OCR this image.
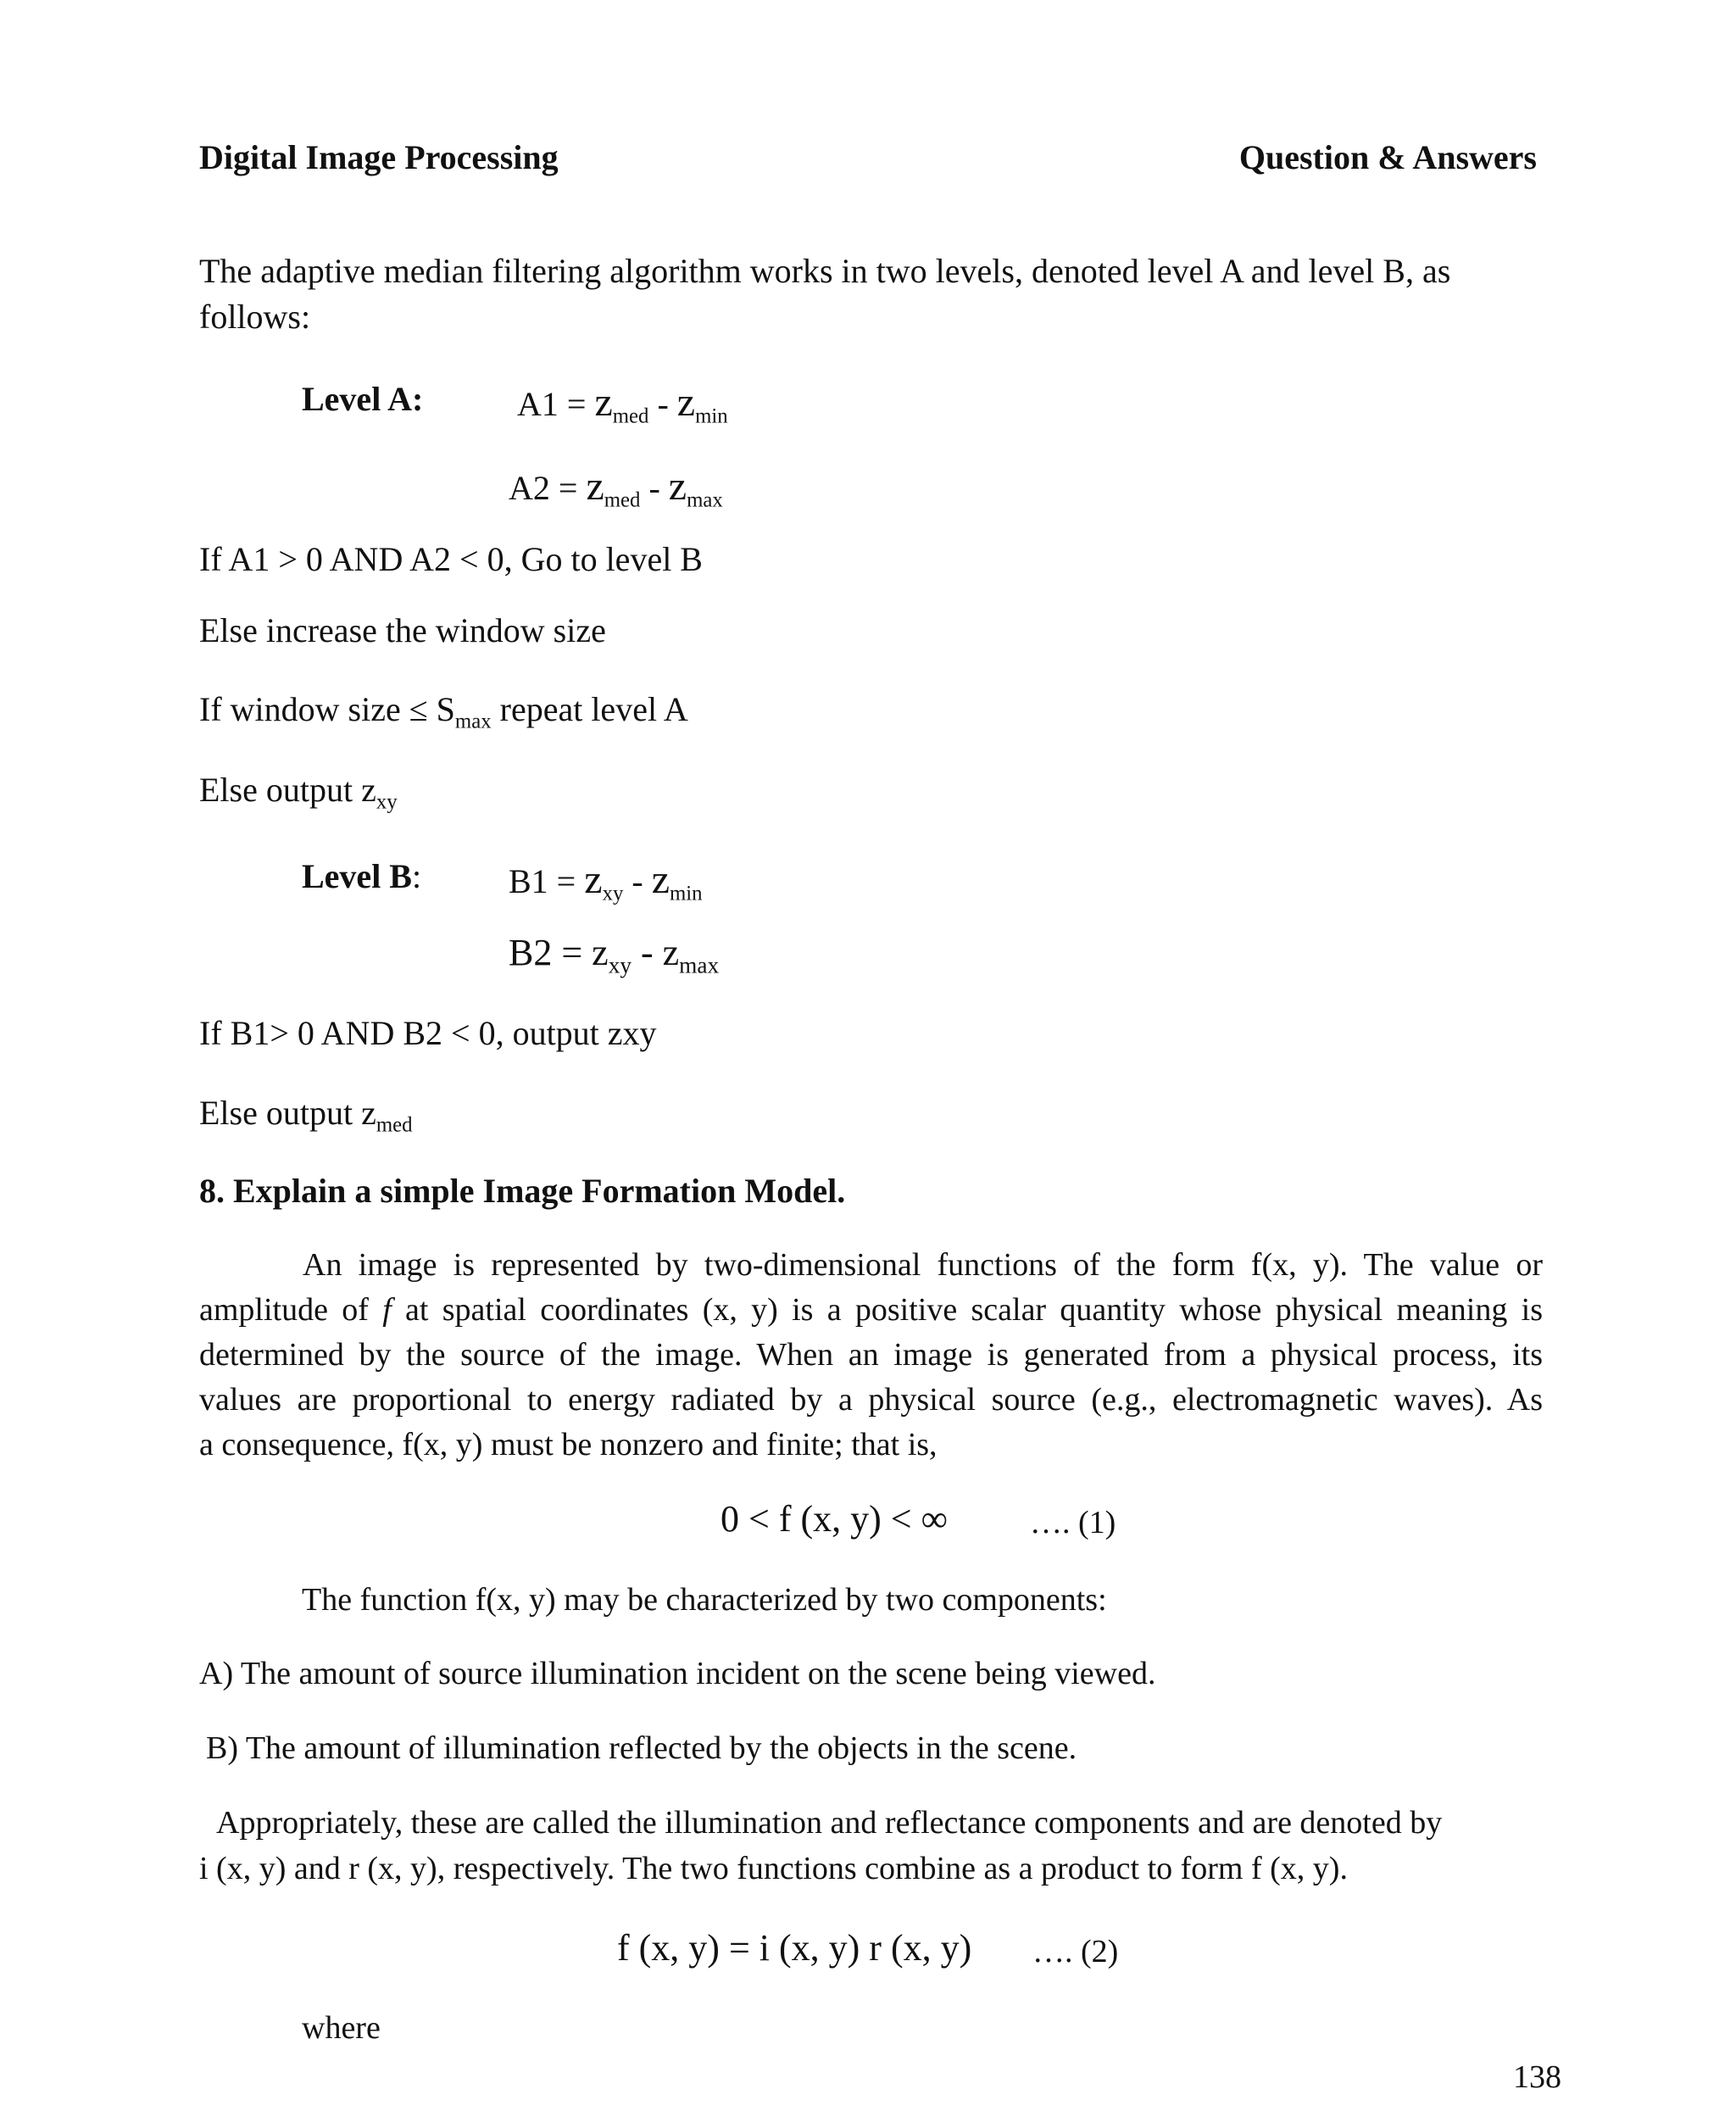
Digital Image Processing	Question & Answers
The adaptive median filtering algorithm works in two levels, denoted level A and level B, as
follows:
Level A:	$A1 = z_{med} - z_{min}$
$A2 = z_{med} - z_{max}$
If A1 > 0 AND A2 < 0, Go to level B
Else increase the window size
If window size ≤ $S_{max}$ repeat level A
Else output $z_{xy}$
Level B:	$B1 = z_{xy} - z_{min}$
$B2 = z_{xy} - z_{max}$
If B1> 0 AND B2 < 0, output zxy
Else output $z_{med}$
8. Explain a simple Image Formation Model.
An image is represented by two-dimensional functions of the form f(x, y). The value or
amplitude of f at spatial coordinates (x, y) is a positive scalar quantity whose physical meaning is
determined by the source of the image. When an image is generated from a physical process, its
values are proportional to energy radiated by a physical source (e.g., electromagnetic waves). As
a consequence, f(x, y) must be nonzero and finite; that is,
0 < f (x, y) < ∞	…. (1)
The function f(x, y) may be characterized by two components:
A) The amount of source illumination incident on the scene being viewed.
B) The amount of illumination reflected by the objects in the scene.
Appropriately, these are called the illumination and reflectance components and are denoted by
i (x, y) and r (x, y), respectively. The two functions combine as a product to form f (x, y).
f (x, y) = i (x, y) r (x, y) …. (2)
where
138
